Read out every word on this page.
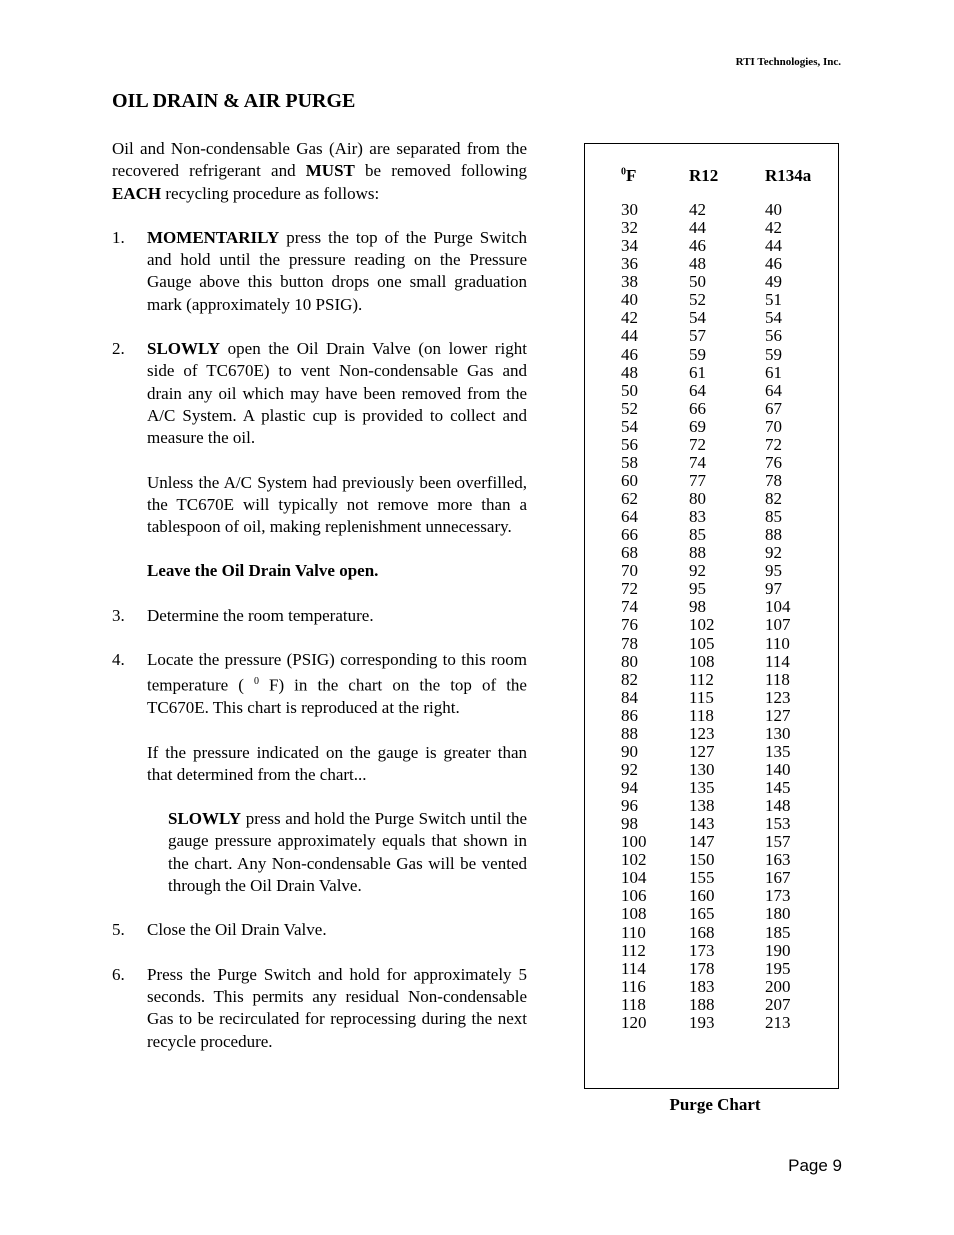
RTI Technologies, Inc.
OIL DRAIN & AIR PURGE

Oil and Non-condensable Gas (Air) are separated from the recovered refrigerant and MUST be removed following EACH recycling procedure as follows:

1.	MOMENTARILY press the top of the Purge Switch and hold until the pressure reading on the Pressure Gauge above this button drops one small graduation mark (approximately 10 PSIG).

2.	SLOWLY open the Oil Drain Valve (on lower right side of TC670E) to vent Non-condensable Gas and drain any oil which may have been removed from the A/C System. A plastic cup is provided to collect and measure the oil.

Unless the A/C System had previously been overfilled, the TC670E will typically not remove more than a tablespoon of oil, making replenishment unnecessary.

Leave the Oil Drain Valve open.

3.	Determine the room temperature.

4.	Locate the pressure (PSIG) corresponding to this room temperature ( $^0$ F) in the chart on the top of the TC670E. This chart is reproduced at the right.

If the pressure indicated on the gauge is greater than that determined from the chart...

SLOWLY press and hold the Purge Switch until the gauge pressure approximately equals that shown in the chart. Any Non-condensable Gas will be vented through the Oil Drain Valve.

5.	Close the Oil Drain Valve.

6.	Press the Purge Switch and hold for approximately 5 seconds. This permits any residual Non-condensable Gas to be recirculated for reprocessing during the next recycle procedure.

$^0$F	R12	R134a
30	42	40
32	44	42
34	46	44
36	48	46
38	50	49
40	52	51
42	54	54
44	57	56
46	59	59
48	61	61
50	64	64
52	66	67
54	69	70
56	72	72
58	74	76
60	77	78
62	80	82
64	83	85
66	85	88
68	88	92
70	92	95
72	95	97
74	98	104
76	102	107
78	105	110
80	108	114
82	112	118
84	115	123
86	118	127
88	123	130
90	127	135
92	130	140
94	135	145
96	138	148
98	143	153
100	147	157
102	150	163
104	155	167
106	160	173
108	165	180
110	168	185
112	173	190
114	178	195
116	183	200
118	188	207
120	193	213
Purge Chart
Page 9
